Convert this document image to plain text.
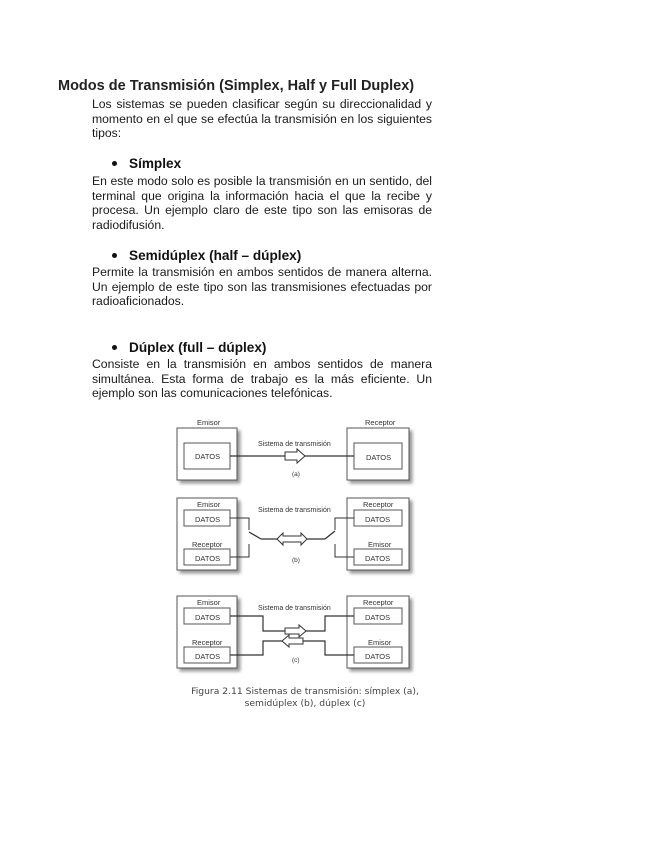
Modos de Transmisión (Simplex, Half y Full Duplex)
Los sistemas se pueden clasificar según su direccionalidad y momento en el que se efectúa la transmisión en los siguientes tipos:
Símplex
En este modo solo es posible la transmisión en un sentido, del terminal que origina la información hacia el que la recibe y procesa. Un ejemplo claro de este tipo son las emisoras de radiodifusión.
Semidúplex (half – dúplex)
Permite la transmisión en ambos sentidos de manera alterna. Un ejemplo de este tipo son las transmisiones efectuadas por radioaficionados.
Dúplex (full – dúplex)
Consiste en la transmisión en ambos sentidos de manera simultánea. Esta forma de trabajo es la más eficiente. Un ejemplo son las comunicaciones telefónicas.
Emisor	Receptor
DATOS	DATOS
Sistema de transmisión
(a)
Emisor
DATOS
Receptor
DATOS
Receptor
DATOS
Emisor
DATOS
Sistema de transmisión
(b)
Emisor
DATOS
Receptor
DATOS
Receptor
DATOS
Emisor
DATOS
Sistema de transmisión
(c)
Figura 2.11 Sistemas de transmisión: símplex (a),
semidúplex (b), dúplex (c)
